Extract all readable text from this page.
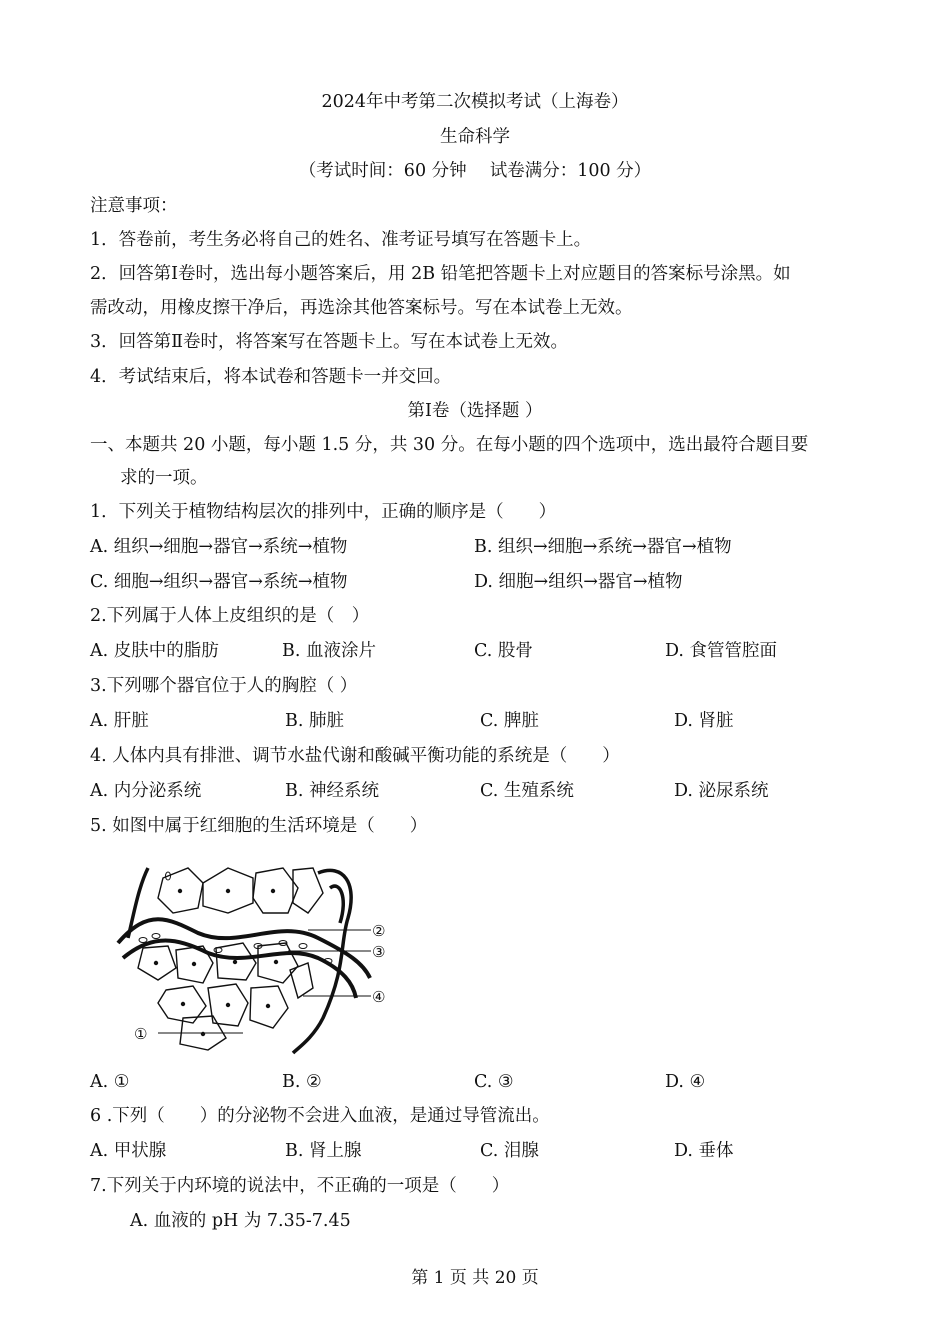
2024年中考第二次模拟考试（上海卷）
生命科学
（考试时间：60 分钟　 试卷满分：100 分）
注意事项：
1．答卷前，考生务必将自己的姓名、准考证号填写在答题卡上。
2．回答第Ⅰ卷时，选出每小题答案后，用 2B 铅笔把答题卡上对应题目的答案标号涂黑。如
需改动，用橡皮擦干净后，再选涂其他答案标号。写在本试卷上无效。
3．回答第Ⅱ卷时，将答案写在答题卡上。写在本试卷上无效。
4．考试结束后，将本试卷和答题卡一并交回。
第Ⅰ卷（选择题 ）
一、本题共 20 小题，每小题 1.5 分，共 30 分。在每小题的四个选项中，选出最符合题目要
求的一项。
1．下列关于植物结构层次的排列中，正确的顺序是（　　）
A. 组织→细胞→器官→系统→植物	B. 组织→细胞→系统→器官→植物
C. 细胞→组织→器官→系统→植物	D. 细胞→组织→器官→植物
2.下列属于人体上皮组织的是（　）
A. 皮肤中的脂肪	B. 血液涂片	C. 股骨	D. 食管管腔面
3.下列哪个器官位于人的胸腔（ ）
A. 肝脏	B. 肺脏	C. 脾脏	D. 肾脏
4. 人体内具有排泄、调节水盐代谢和酸碱平衡功能的系统是（　　）
A. 内分泌系统	B. 神经系统	C. 生殖系统	D. 泌尿系统
5. 如图中属于红细胞的生活环境是（　　）
①
②
③
④
A. ①	B. ②	C. ③	D. ④
6 .下列（　　）的分泌物不会进入血液，是通过导管流出。
A. 甲状腺	B. 肾上腺	C. 泪腺	D. 垂体
7.下列关于内环境的说法中，不正确的一项是（　　）
A. 血液的 pH 为 7.35-7.45
第 1 页 共 20 页
